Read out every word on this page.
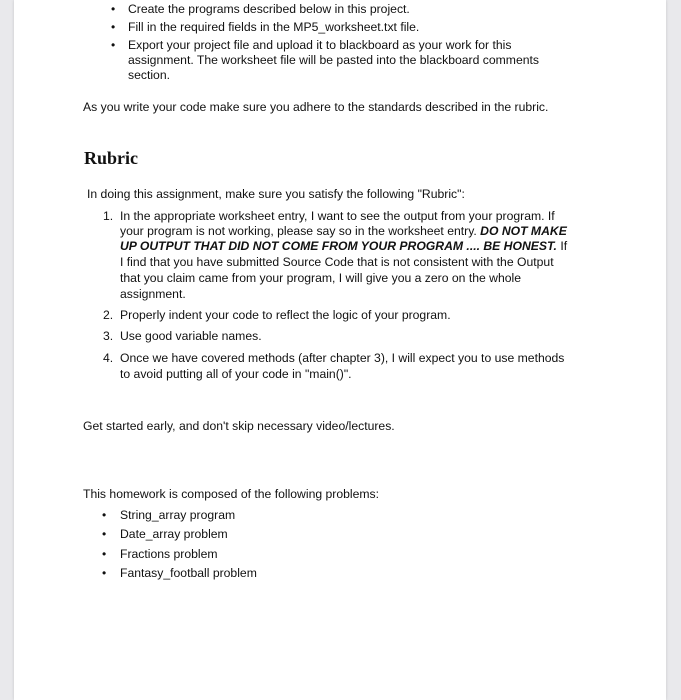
• Create the programs described below in this project.
• Fill in the required fields in the MP5_worksheet.txt file.
• Export your project file and upload it to blackboard as your work for this
assignment. The worksheet file will be pasted into the blackboard comments
section.
As you write your code make sure you adhere to the standards described in the rubric.
Rubric
In doing this assignment, make sure you satisfy the following "Rubric":
1. In the appropriate worksheet entry, I want to see the output from your program. If
your program is not working, please say so in the worksheet entry. DO NOT MAKE
UP OUTPUT THAT DID NOT COME FROM YOUR PROGRAM .... BE HONEST. If
I find that you have submitted Source Code that is not consistent with the Output
that you claim came from your program, I will give you a zero on the whole
assignment.
2. Properly indent your code to reflect the logic of your program.
3. Use good variable names.
4. Once we have covered methods (after chapter 3), I will expect you to use methods
to avoid putting all of your code in "main()".
Get started early, and don't skip necessary video/lectures.
This homework is composed of the following problems:
• String_array program
• Date_array problem
• Fractions problem
• Fantasy_football problem
